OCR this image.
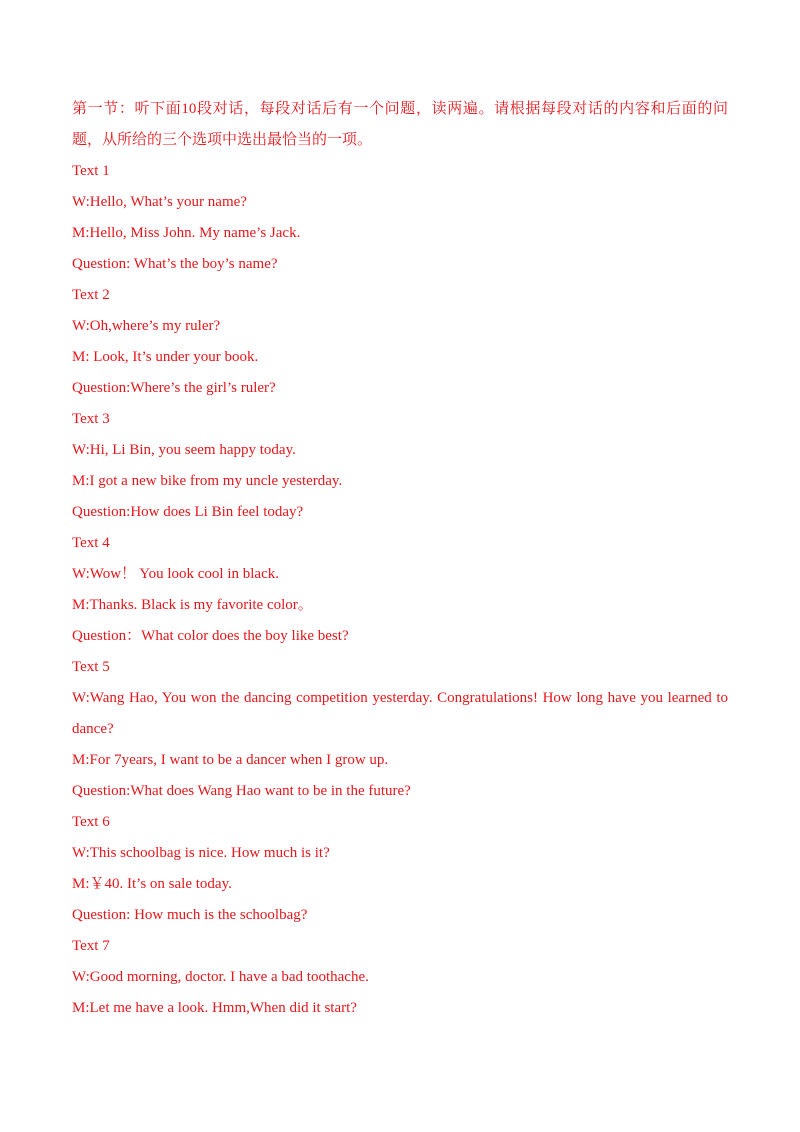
第一节：听下面10段对话，每段对话后有一个问题，读两遍。请根据每段对话的内容和后面的问题，从所给的三个选项中选出最恰当的一项。

Text 1

W:Hello, What’s your name?

M:Hello, Miss John. My name’s Jack.

Question: What’s the boy’s name?

Text 2

W:Oh,where’s my ruler?

M: Look, It’s under your book.

Question:Where’s the girl’s ruler?

Text 3

W:Hi, Li Bin, you seem happy today.

M:I got a new bike from my uncle yesterday.

Question:How does Li Bin feel today?

Text 4

W:Wow！ You look cool in black.

M:Thanks. Black is my favorite color。

Question：What color does the boy like best?

Text 5

W:Wang Hao, You won the dancing competition yesterday. Congratulations! How long have you learned to dance?

M:For 7years, I want to be a dancer when I grow up.

Question:What does Wang Hao want to be in the future?

Text 6

W:This schoolbag is nice. How much is it?

M:￥40. It’s on sale today.

Question: How much is the schoolbag?

Text 7

W:Good morning, doctor. I have a bad toothache.

M:Let me have a look. Hmm,When did it start?
